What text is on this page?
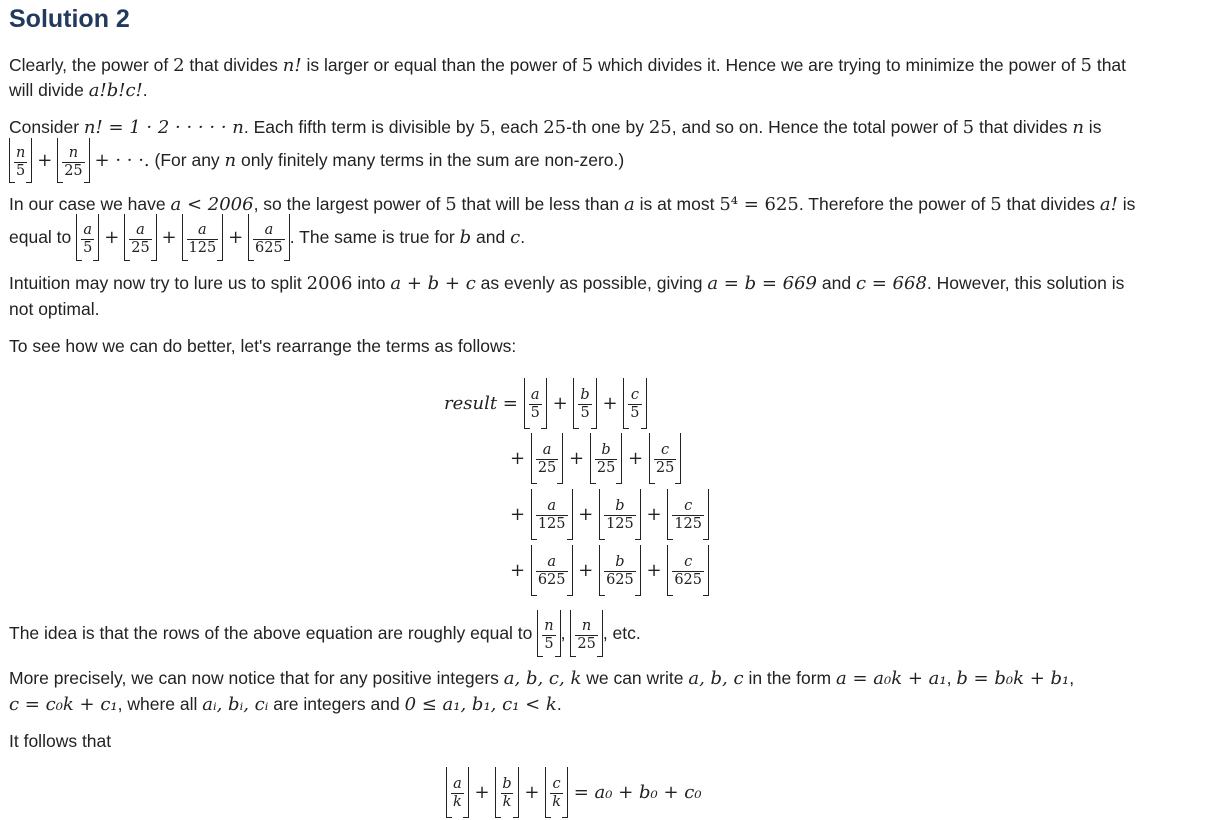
Solution 2
Clearly, the power of 2 that divides n! is larger or equal than the power of 5 which divides it. Hence we are trying to minimize the power of 5 that
will divide a!b!c!.
Consider n! = 1 · 2 · · · · · n. Each fifth term is divisible by 5, each 25-th one by 25, and so on. Hence the total power of 5 that divides n is
$\frac{n}{5} + \frac{n}{25}$ + · · ·. (For any n only finitely many terms in the sum are non-zero.)
In our case we have a < 2006, so the largest power of 5 that will be less than a is at most 5⁴ = 625. Therefore the power of 5 that divides a! is
equal to $\frac{a}{5} + \frac{a}{25} + \frac{a}{125} + \frac{a}{625}$ . The same is true for b and c.
Intuition may now try to lure us to split 2006 into a + b + c as evenly as possible, giving a = b = 669 and c = 668. However, this solution is
not optimal.
To see how we can do better, let's rearrange the terms as follows:
result = $\frac{a}{5} + \frac{b}{5} + \frac{c}{5}$
+ $\frac{a}{25} + \frac{b}{25} + \frac{c}{25}$
+ $\frac{a}{125} + \frac{b}{125} + \frac{c}{125}$
+ $\frac{a}{625} + \frac{b}{625} + \frac{c}{625}$
The idea is that the rows of the above equation are roughly equal to $\frac{n}{5}$ , $\frac{n}{25}$ , etc.
More precisely, we can now notice that for any positive integers a, b, c, k we can write a, b, c in the form a = a₀k + a₁, b = b₀k + b₁,
c = c₀k + c₁, where all aᵢ, bᵢ, cᵢ are integers and 0 ≤ a₁, b₁, c₁ < k.
It follows that
$\frac{a}{k} + \frac{b}{k} + \frac{c}{k} = a_0 + b_0 + c_0$
